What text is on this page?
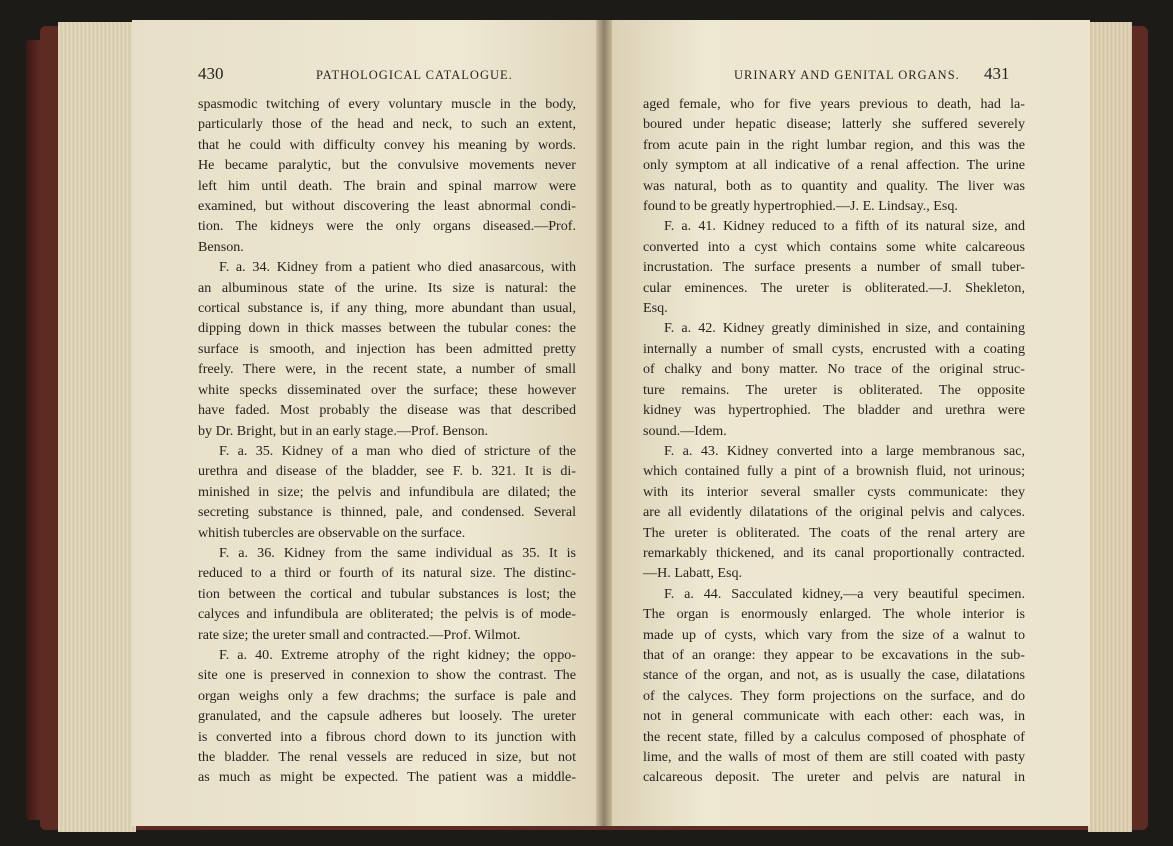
430	PATHOLOGICAL CATALOGUE.	URINARY AND GENITAL ORGANS. 431
spasmodic twitching of every voluntary muscle in the body,
particularly those of the head and neck, to such an extent,
that he could with difficulty convey his meaning by words.
He became paralytic, but the convulsive movements never
left him until death. The brain and spinal marrow were
examined, but without discovering the least abnormal condi-
tion. The kidneys were the only organs diseased.—Prof.
Benson.
F. a. 34. Kidney from a patient who died anasarcous, with
an albuminous state of the urine. Its size is natural: the
cortical substance is, if any thing, more abundant than usual,
dipping down in thick masses between the tubular cones: the
surface is smooth, and injection has been admitted pretty
freely. There were, in the recent state, a number of small
white specks disseminated over the surface; these however
have faded. Most probably the disease was that described
by Dr. Bright, but in an early stage.—Prof. Benson.
F. a. 35. Kidney of a man who died of stricture of the
urethra and disease of the bladder, see F. b. 321. It is di-
minished in size; the pelvis and infundibula are dilated; the
secreting substance is thinned, pale, and condensed. Several
whitish tubercles are observable on the surface.
F. a. 36. Kidney from the same individual as 35. It is
reduced to a third or fourth of its natural size. The distinc-
tion between the cortical and tubular substances is lost; the
calyces and infundibula are obliterated; the pelvis is of mode-
rate size; the ureter small and contracted.—Prof. Wilmot.
F. a. 40. Extreme atrophy of the right kidney; the oppo-
site one is preserved in connexion to show the contrast. The
organ weighs only a few drachms; the surface is pale and
granulated, and the capsule adheres but loosely. The ureter
is converted into a fibrous chord down to its junction with
the bladder. The renal vessels are reduced in size, but not
as much as might be expected. The patient was a middle-
aged female, who for five years previous to death, had la-
boured under hepatic disease; latterly she suffered severely
from acute pain in the right lumbar region, and this was the
only symptom at all indicative of a renal affection. The urine
was natural, both as to quantity and quality. The liver was
found to be greatly hypertrophied.—J. E. Lindsay., Esq.
F. a. 41. Kidney reduced to a fifth of its natural size, and
converted into a cyst which contains some white calcareous
incrustation. The surface presents a number of small tuber-
cular eminences. The ureter is obliterated.—J. Shekleton,
Esq.
F. a. 42. Kidney greatly diminished in size, and containing
internally a number of small cysts, encrusted with a coating
of chalky and bony matter. No trace of the original struc-
ture remains. The ureter is obliterated. The opposite
kidney was hypertrophied. The bladder and urethra were
sound.—Idem.
F. a. 43. Kidney converted into a large membranous sac,
which contained fully a pint of a brownish fluid, not urinous;
with its interior several smaller cysts communicate: they
are all evidently dilatations of the original pelvis and calyces.
The ureter is obliterated. The coats of the renal artery are
remarkably thickened, and its canal proportionally contracted.
—H. Labatt, Esq.
F. a. 44. Sacculated kidney,—a very beautiful specimen.
The organ is enormously enlarged. The whole interior is
made up of cysts, which vary from the size of a walnut to
that of an orange: they appear to be excavations in the sub-
stance of the organ, and not, as is usually the case, dilatations
of the calyces. They form projections on the surface, and do
not in general communicate with each other: each was, in
the recent state, filled by a calculus composed of phosphate of
lime, and the walls of most of them are still coated with pasty
calcareous deposit. The ureter and pelvis are natural in
